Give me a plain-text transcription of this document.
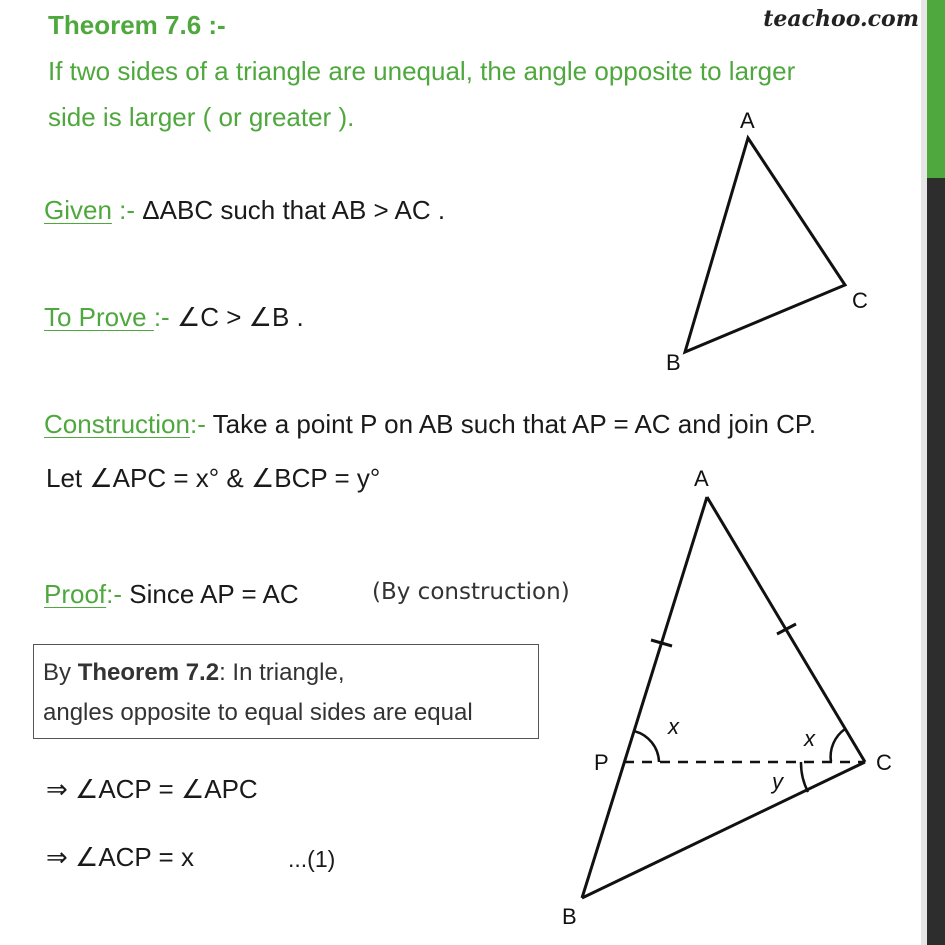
Theorem 7.6 :-	teachoo.com
If two sides of a triangle are unequal, the angle opposite to larger
side is larger ( or greater ).
Given :- ΔABC such that AB > AC .
To Prove :- ∠C > ∠B .
Construction:- Take a point P on AB such that AP = AC and join CP.
Let ∠APC = x° & ∠BCP = y°
Proof:- Since AP = AC	(By construction)
By Theorem 7.2: In triangle,
angles opposite to equal sides are equal
⇒ ∠ACP = ∠APC
⇒ ∠ACP = x	...(1)
A
C
B
A
P	C
B
x	x
y
